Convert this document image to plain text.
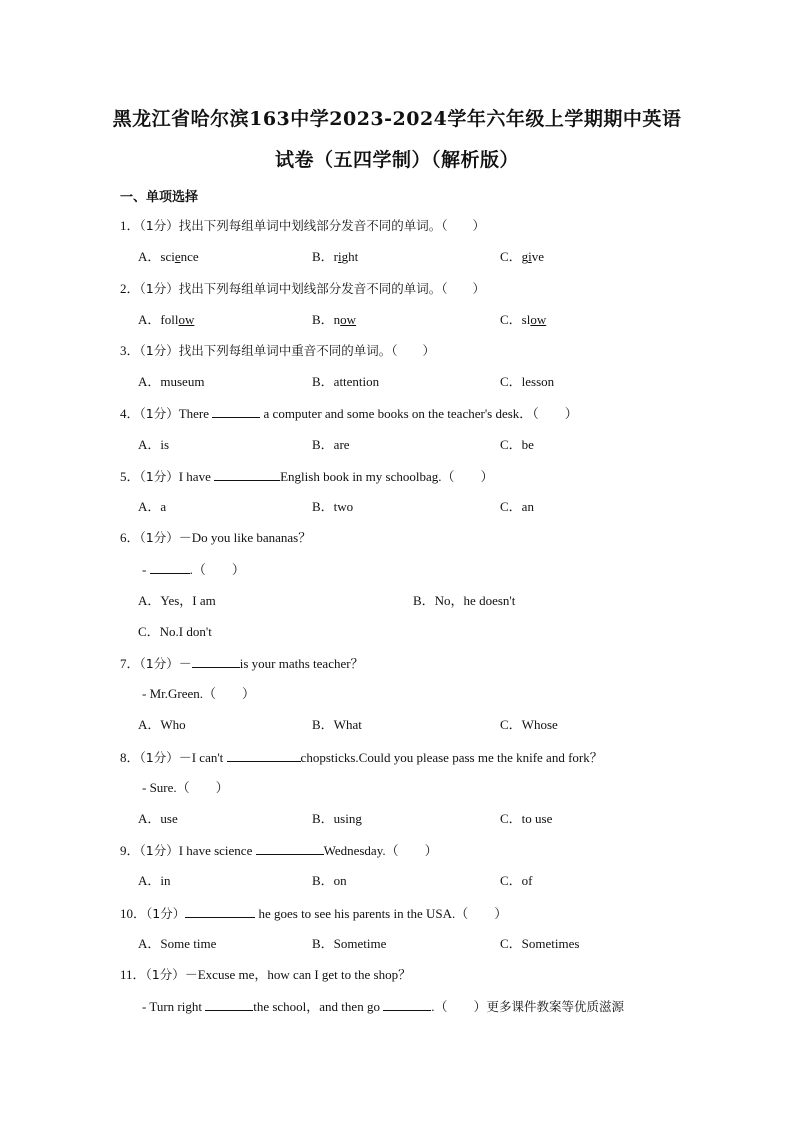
黑龙江省哈尔滨163中学2023-2024学年六年级上学期期中英语
试卷（五四学制）（解析版）
一、单项选择
1．（1分）找出下列每组单词中划线部分发音不同的单词。（　　）
A．science	B．right	C．give
2．（1分）找出下列每组单词中划线部分发音不同的单词。（　　）
A．follow	B．now	C．slow
3．（1分）找出下列每组单词中重音不同的单词。（　　）
A．museum	B．attention	C．lesson
4．（1分）There	a computer and some books on the teacher's desk．（　　）
A．is	B．are	C．be
5．（1分）I have	English book in my schoolbag.（　　）
A．a	B．two	C．an
6．（1分）－Do you like bananas？
-	.（　　）
A．Yes，I am	B．No，he doesn't
C．No.I don't
7．（1分）－	is your maths teacher？
- Mr.Green.（　　）
A．Who	B．What	C．Whose
8．（1分）－I can't	chopsticks.Could you please pass me the knife and fork？
- Sure.（　　）
A．use	B．using	C．to use
9．（1分）I have science	Wednesday.（　　）
A．in	B．on	C．of
10．（1分）	he goes to see his parents in the USA.（　　）
A．Some time	B．Sometime	C．Sometimes
11．（1分）－Excuse me，how can I get to the shop？
- Turn right	the school，and then go	.（　　）更多课件教案等优质滋源
